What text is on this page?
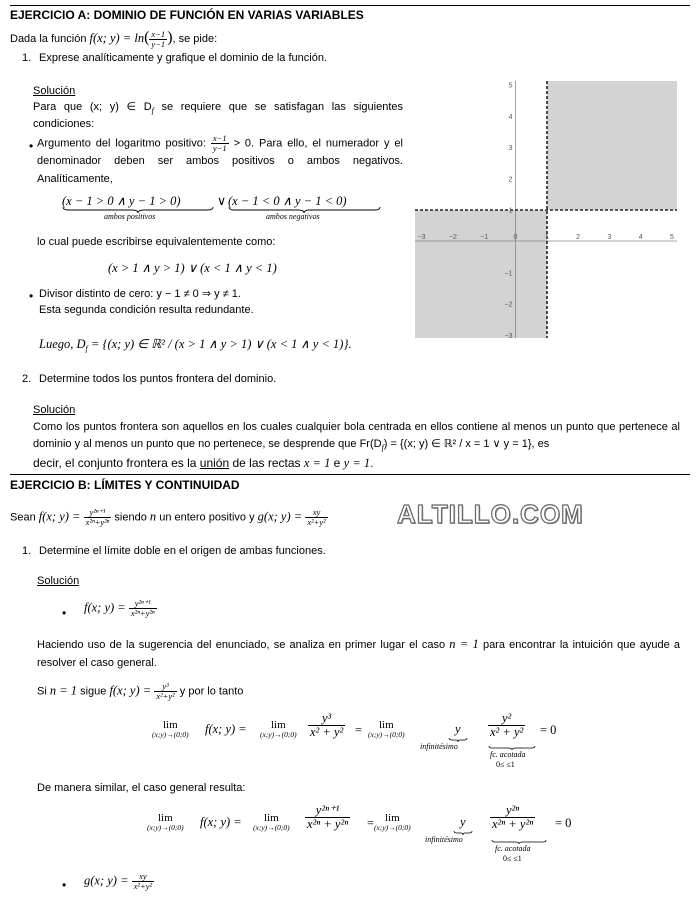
EJERCICIO A: DOMINIO DE FUNCIÓN EN VARIAS VARIABLES
Dada la función f(x; $y) = \ln( \frac{x-1}{y-1}$ ), se pide:
1. Exprese analíticamente y grafique el dominio de la función.
Solución
Para que (x; y) ∈ $D_f$ se requiere que se satisfagan las siguientes condiciones:
• Argumento del logaritmo positivo: $\frac{x-1}{y-1} > 0$. Para ello, el numerador y el denominador deben ser ambos positivos o ambos negativos. Analíticamente,
(x − 1 > 0 ∧ y − 1 > 0)
ambos positivos
∨ (x − 1 < 0 ∧ y − 1 < 0)
ambos negativos
lo cual puede escribirse equivalentemente como:
(x > 1 ∧ y > 1) ∨ (x < 1 ∧ y < 1)
• Divisor distinto de cero: y − 1 ≠ 0 ⇒ y ≠ 1.
Esta segunda condición resulta redundante.
Luego, $D_f = \{(x$; y) ∈ ℝ² / (x > 1 ∧ y > 1) ∨ (x < 1 ∧ y < 1)}.
−3	−2	−1	0	1	2	3	4	5
5
4
3
2
1
−1
−2
−3
2. Determine todos los puntos frontera del dominio.
Solución
Como los puntos frontera son aquellos en los cuales cualquier bola centrada en ellos contiene al menos un punto que pertenece al dominio y al menos un punto que no pertenece, se desprende que $Fr(D_f) = \{(x$; y) ∈ ℝ² / x = 1 ∨ y = 1}, es
decir, el conjunto frontera es la unión de las rectas x = 1 e y = 1.
EJERCICIO B: LÍMITES Y CONTINUIDAD
Sean f(x; $y) = \frac{\text{y²ⁿ⁺¹}}{\text{x²ⁿ+y²ⁿ}}$ siendo n un entero positivo y g(x; $y) = \frac{xy}{\text{x²+y²}}$	ALTILLO.COM
1. Determine el límite doble en el origen de ambas funciones.
Solución
• f(x; $y) = \frac{\text{y²ⁿ⁺¹}}{\text{x²ⁿ+y²ⁿ}}$
Haciendo uso de la sugerencia del enunciado, se analiza en primer lugar el caso n = 1 para encontrar la intuición que ayude a resolver el caso general.
Si n = 1 sigue f(x; $y) = \frac{\text{y³}}{\text{x²+y²}}$ y por lo tanto
lim
(x;y)→(0;0) f(x; y) =	lim
(x;y)→(0;0) $\frac{\text{y³}}{\text{x² + y²}}$ =	lim
(x;y)→(0;0)	y
infinitésimo
$\frac{\text{y²}}{\text{x² + y²}}$
fc. acotada
0≤ ≤1
= 0
De manera similar, el caso general resulta:
lim
(x;y)→(0;0) f(x; y) =	lim
(x;y)→(0;0) $\frac{\text{y²ⁿ⁺¹}}{\text{x²ⁿ + y²ⁿ}} = \lim$
(x;y)→(0;0)	y
infinitésimo
$\frac{\text{y²ⁿ}}{\text{x²ⁿ + y²ⁿ}}$
fc. acotada
0≤ ≤1
= 0
• g(x; $y) = \frac{xy}{\text{x²+y²}}$
